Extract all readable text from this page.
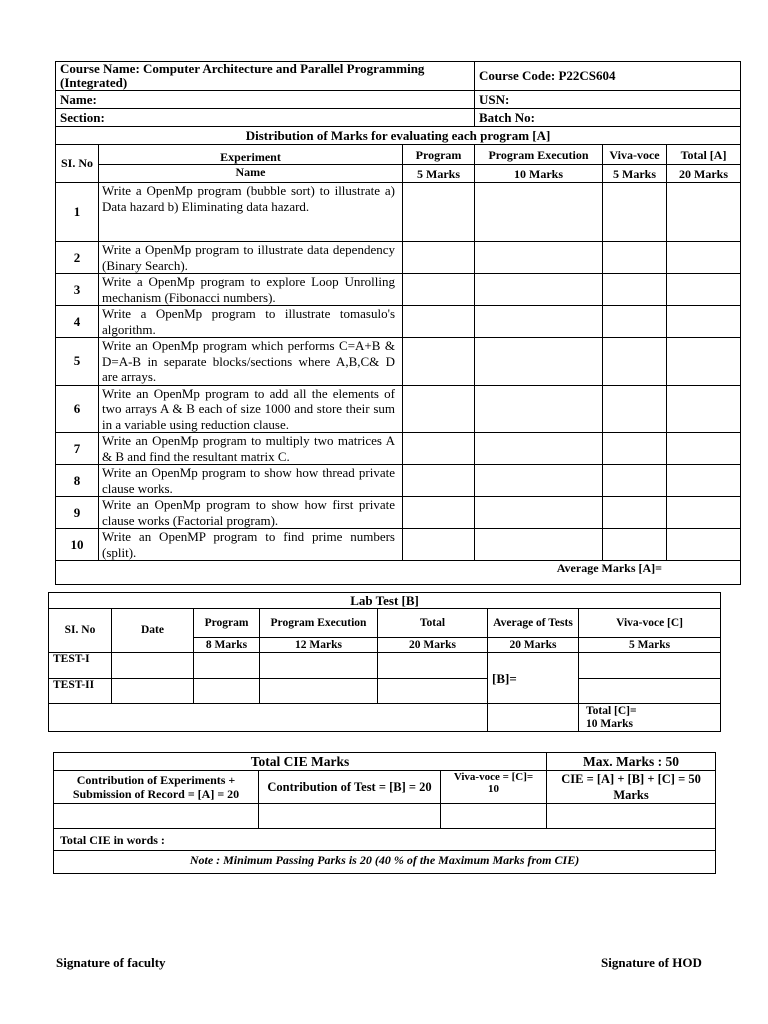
Course Name: Computer Architecture and Parallel Programming (Integrated)			Course Code: P22CS604		
Name:			USN:		
Section:			Batch No:		
Distribution of Marks for evaluating each program [A]					
SI. No	Experiment	Program	Program Execution	Viva-voce	Total [A]
	Name	5 Marks	10 Marks	5 Marks	20 Marks
1	Write a OpenMp program (bubble sort) to illustrate a) Data hazard b) Eliminating data hazard.				
2	Write a OpenMp program to illustrate data dependency (Binary Search).				
3	Write a OpenMp program to explore Loop Unrolling mechanism (Fibonacci numbers).				
4	Write a OpenMp program to illustrate tomasulo's algorithm.				
5	Write an OpenMp program which performs C=A+B & D=A-B in separate blocks/sections where A,B,C& D are arrays.				
6	Write an OpenMp program to add all the elements of two arrays A & B each of size 1000 and store their sum in a variable using reduction clause.				
7	Write an OpenMp program to multiply two matrices A & B and find the resultant matrix C.				
8	Write an OpenMp program to show how thread private clause works.				
9	Write an OpenMp program to show how first private clause works (Factorial program).				
10	Write an OpenMP program to find prime numbers (split).				
Average Marks [A]=					
Lab Test [B]						
SI. No	Date	Program	Program Execution	Total	Average of Tests	Viva-voce [C]
		8 Marks	12 Marks	20 Marks	20 Marks	5 Marks
TEST-I					[B]=	
TEST-II						

						Total [C]=
10 Marks
Total CIE Marks			Max. Marks : 50
Contribution of Experiments + Submission of Record = [A] = 20	Contribution of Test = [B] = 20	Viva-voce = [C]= 10	CIE = [A] + [B] + [C] = 50 Marks

Total CIE in words :			
Note : Minimum Passing Parks is 20 (40 % of the Maximum Marks from CIE)			
Signature of faculty	Signature of HOD
